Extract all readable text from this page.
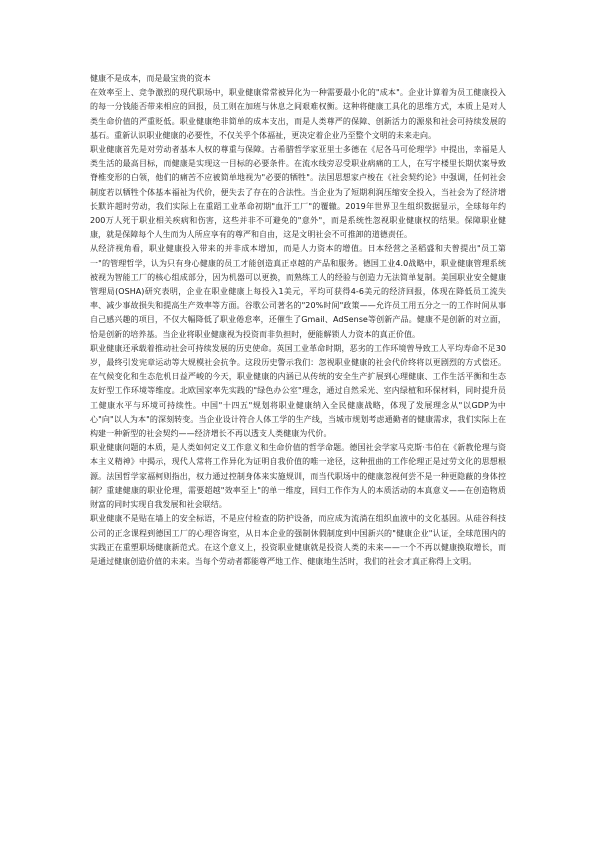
健康不是成本，而是最宝贵的资本

在效率至上、竞争激烈的现代职场中，职业健康常常被异化为一种需要最小化的"成本"。企业计算着为员工健康投入的每一分钱能否带来相应的回报，员工则在加班与休息之间艰难权衡。这种将健康工具化的思维方式，本质上是对人类生命价值的严重贬低。职业健康绝非简单的成本支出，而是人类尊严的保障、创新活力的源泉和社会可持续发展的基石。重新认识职业健康的必要性，不仅关乎个体福祉，更决定着企业乃至整个文明的未来走向。

职业健康首先是对劳动者基本人权的尊重与保障。古希腊哲学家亚里士多德在《尼各马可伦理学》中提出，幸福是人类生活的最高目标，而健康是实现这一目标的必要条件。在流水线旁忍受职业病痛的工人，在写字楼里长期伏案导致脊椎变形的白领，他们的痛苦不应被简单地视为"必要的牺牲"。法国思想家卢梭在《社会契约论》中强调，任何社会制度若以牺牲个体基本福祉为代价，便失去了存在的合法性。当企业为了短期利润压缩安全投入，当社会为了经济增长默许超时劳动，我们实际上在重蹈工业革命初期"血汗工厂"的覆辙。2019年世界卫生组织数据显示，全球每年约200万人死于职业相关疾病和伤害，这些并非不可避免的"意外"，而是系统性忽视职业健康权的结果。保障职业健康，就是保障每个人生而为人所应享有的尊严和自由，这是文明社会不可推卸的道德责任。

从经济视角看，职业健康投入带来的并非成本增加，而是人力资本的增值。日本经营之圣稻盛和夫曾提出"员工第一"的管理哲学，认为只有身心健康的员工才能创造真正卓越的产品和服务。德国工业4.0战略中，职业健康管理系统被视为智能工厂的核心组成部分，因为机器可以更换，而熟练工人的经验与创造力无法简单复制。美国职业安全健康管理局(OSHA)研究表明，企业在职业健康上每投入1美元，平均可获得4-6美元的经济回报，体现在降低员工流失率、减少事故损失和提高生产效率等方面。谷歌公司著名的"20%时间"政策——允许员工用五分之一的工作时间从事自己感兴趣的项目，不仅大幅降低了职业倦怠率，还催生了Gmail、AdSense等创新产品。健康不是创新的对立面，恰是创新的培养基。当企业将职业健康视为投资而非负担时，便能解锁人力资本的真正价值。

职业健康还承载着推动社会可持续发展的历史使命。英国工业革命时期，恶劣的工作环境曾导致工人平均寿命不足30岁，最终引发宪章运动等大规模社会抗争。这段历史警示我们：忽视职业健康的社会代价终将以更剧烈的方式偿还。在气候变化和生态危机日益严峻的今天，职业健康的内涵已从传统的安全生产扩展到心理健康、工作生活平衡和生态友好型工作环境等维度。北欧国家率先实践的"绿色办公室"理念，通过自然采光、室内绿植和环保材料，同时提升员工健康水平与环境可持续性。中国"十四五"规划将职业健康纳入全民健康战略，体现了发展理念从"以GDP为中心"向"以人为本"的深刻转变。当企业设计符合人体工学的生产线，当城市规划考虑通勤者的健康需求，我们实际上在构建一种新型的社会契约——经济增长不再以透支人类健康为代价。

职业健康问题的本质，是人类如何定义工作意义和生命价值的哲学命题。德国社会学家马克斯·韦伯在《新教伦理与资本主义精神》中揭示，现代人常将工作异化为证明自我价值的唯一途径，这种扭曲的工作伦理正是过劳文化的思想根源。法国哲学家福柯则指出，权力通过控制身体来实施规训，而当代职场中的健康忽视何尝不是一种更隐蔽的身体控制？重建健康的职业伦理，需要超越"效率至上"的单一维度，回归工作作为人的本质活动的本真意义——在创造物质财富的同时实现自我发展和社会联结。

职业健康不是贴在墙上的安全标语，不是应付检查的防护设备，而应成为流淌在组织血液中的文化基因。从硅谷科技公司的正念课程到德国工厂的心理咨询室，从日本企业的强制休假制度到中国新兴的"健康企业"认证，全球范围内的实践正在重塑职场健康新范式。在这个意义上，投资职业健康就是投资人类的未来——一个不再以健康换取增长，而是通过健康创造价值的未来。当每个劳动者都能尊严地工作、健康地生活时，我们的社会才真正称得上文明。
